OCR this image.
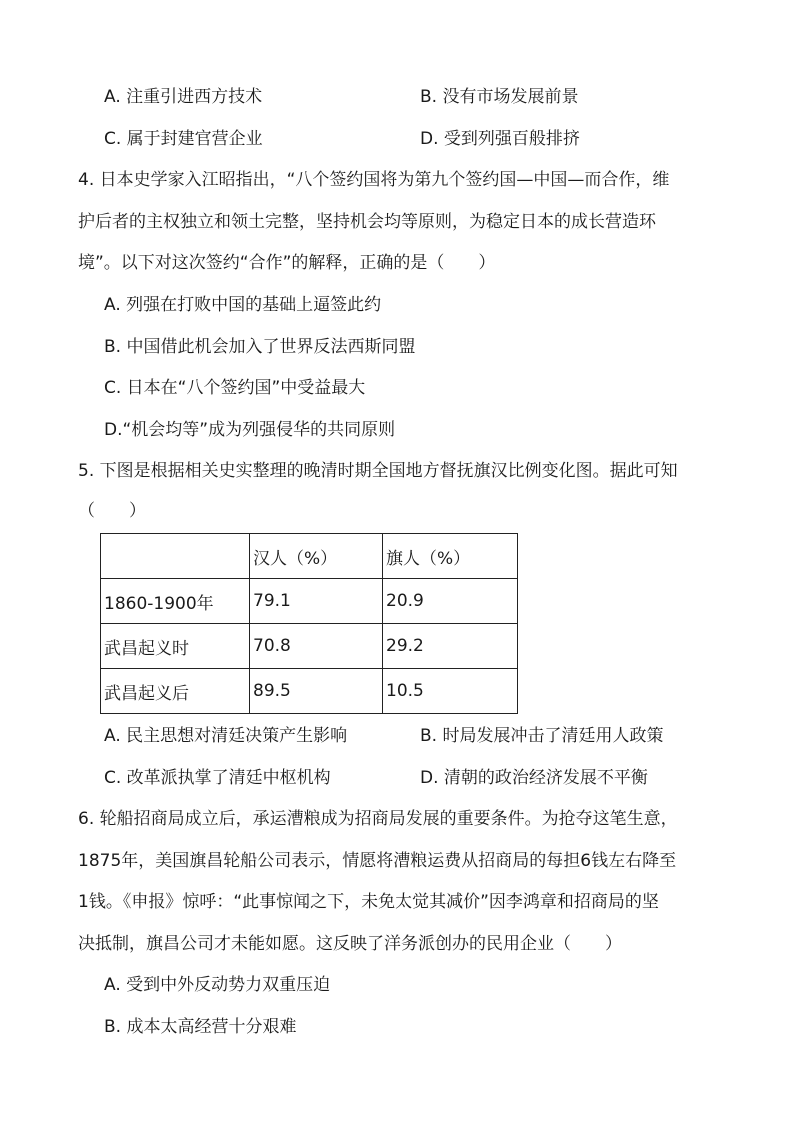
A. 注重引进西方技术	B. 没有市场发展前景
C. 属于封建官营企业	D. 受到列强百般排挤
4. 日本史学家入江昭指出，“八个签约国将为第九个签约国—中国—而合作，维
护后者的主权独立和领土完整，坚持机会均等原则，为稳定日本的成长营造环
境”。以下对这次签约“合作”的解释，正确的是（　　）
A. 列强在打败中国的基础上逼签此约
B. 中国借此机会加入了世界反法西斯同盟
C. 日本在“八个签约国”中受益最大
D.“机会均等”成为列强侵华的共同原则
5. 下图是根据相关史实整理的晚清时期全国地方督抚旗汉比例变化图。据此可知
（　　）
	汉人（%）	旗人（%）
1860-1900年	79.1	20.9
武昌起义时	70.8	29.2
武昌起义后	89.5	10.5
A. 民主思想对清廷决策产生影响	B. 时局发展冲击了清廷用人政策
C. 改革派执掌了清廷中枢机构	D. 清朝的政治经济发展不平衡
6. 轮船招商局成立后，承运漕粮成为招商局发展的重要条件。为抢夺这笔生意，
1875年，美国旗昌轮船公司表示，情愿将漕粮运费从招商局的每担6钱左右降至
1钱。《申报》惊呼：“此事惊闻之下，未免太觉其减价”因李鸿章和招商局的坚
决抵制，旗昌公司才未能如愿。这反映了洋务派创办的民用企业（　　）
A. 受到中外反动势力双重压迫
B. 成本太高经营十分艰难
